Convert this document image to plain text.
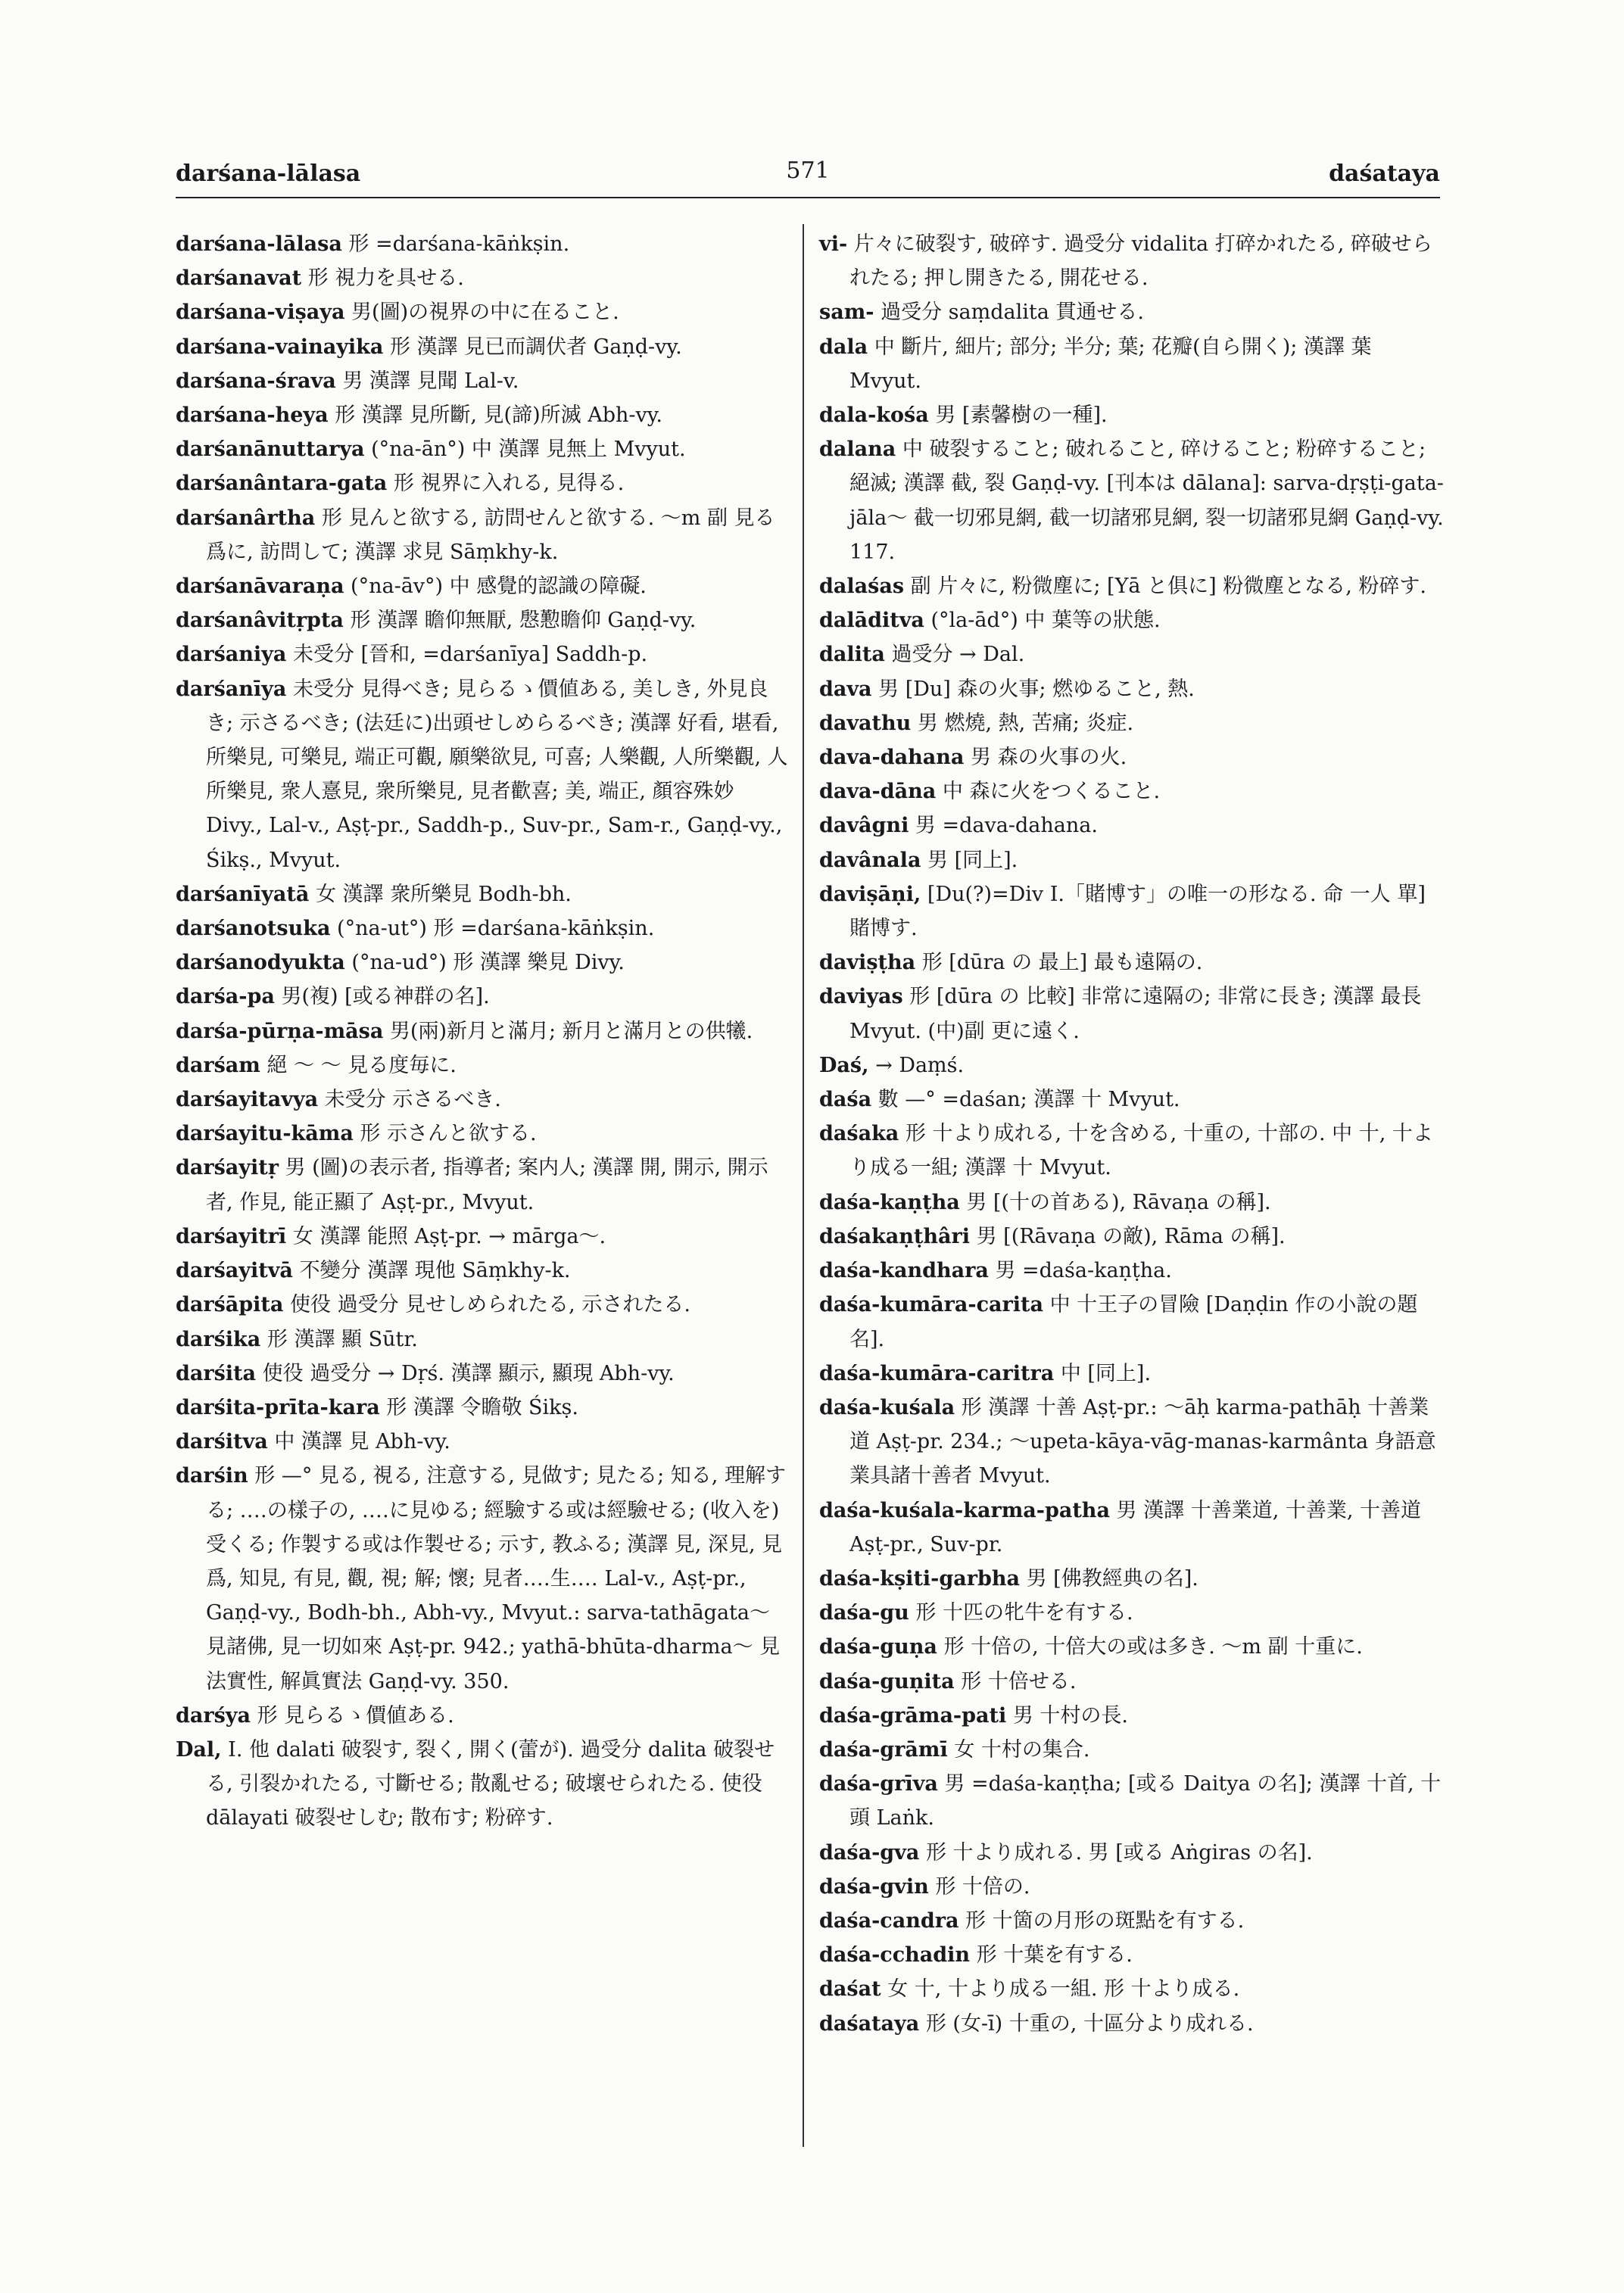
darśana-lālasa	571	daśataya
darśana-lālasa 形 =darśana-kāṅkṣin.
darśanavat 形 視力を具せる.
darśana-viṣaya 男(圖)の視界の中に在ること.
darśana-vainayika 形 漢譯 見已而調伏者 Gaṇḍ-vy.
darśana-śrava 男 漢譯 見聞 Lal-v.
darśana-heya 形 漢譯 見所斷, 見(諦)所滅 Abh-vy.
darśanānuttarya (°na-ān°) 中 漢譯 見無上 Mvyut.
darśanântara-gata 形 視界に入れる, 見得る.
darśanârtha 形 見んと欲する, 訪問せんと欲する. ～m 副 見る爲に, 訪問して; 漢譯 求見 Sāṃkhy-k.
darśanāvaraṇa (°na-āv°) 中 感覺的認識の障礙.
darśanâvitṛpta 形 漢譯 瞻仰無厭, 慇懃瞻仰 Gaṇḍ-vy.
darśaniya 未受分 [晉和, =darśanīya] Saddh-p.
darśanīya 未受分 見得べき; 見らるゝ價値ある, 美しき, 外見良き; 示さるべき; (法廷に)出頭せしめらるべき; 漢譯 好看, 堪看, 所樂見, 可樂見, 端正可觀, 願樂欲見, 可喜; 人樂觀, 人所樂觀, 人所樂見, 衆人憙見, 衆所樂見, 見者歡喜; 美, 端正, 顏容殊妙 Divy., Lal-v., Aṣṭ-pr., Saddh-p., Suv-pr., Sam-r., Gaṇḍ-vy., Śikṣ., Mvyut.
darśanīyatā 女 漢譯 衆所樂見 Bodh-bh.
darśanotsuka (°na-ut°) 形 =darśana-kāṅkṣin.
darśanodyukta (°na-ud°) 形 漢譯 樂見 Divy.
darśa-pa 男(複) [或る神群の名].
darśa-pūrṇa-māsa 男(兩)新月と滿月; 新月と滿月との供犧.
darśam 絕 ～ ～ 見る度毎に.
darśayitavya 未受分 示さるべき.
darśayitu-kāma 形 示さんと欲する.
darśayitṛ 男 (圖)の表示者, 指導者; 案内人; 漢譯 開, 開示, 開示者, 作見, 能正顯了 Aṣṭ-pr., Mvyut.
darśayitrī 女 漢譯 能照 Aṣṭ-pr. → mārga～.
darśayitvā 不變分 漢譯 現他 Sāṃkhy-k.
darśāpita 使役 過受分 見せしめられたる, 示されたる.
darśika 形 漢譯 顯 Sūtr.
darśita 使役 過受分 → Dṛś. 漢譯 顯示, 顯現 Abh-vy.
darśita-prīta-kara 形 漢譯 令瞻敬 Śikṣ.
darśitva 中 漢譯 見 Abh-vy.
darśin 形 —° 見る, 視る, 注意する, 見做す; 見たる; 知る, 理解する; ‥‥の樣子の, ‥‥に見ゆる; 經驗する或は經驗せる; (收入を)受くる; 作製する或は作製せる; 示す, 教ふる; 漢譯 見, 深見, 見爲, 知見, 有見, 觀, 視; 解; 懷; 見者‥‥生‥‥ Lal-v., Aṣṭ-pr., Gaṇḍ-vy., Bodh-bh., Abh-vy., Mvyut.: sarva-tathāgata～ 見諸佛, 見一切如來 Aṣṭ-pr. 942.; yathā-bhūta-dharma～ 見法實性, 解眞實法 Gaṇḍ-vy. 350.
darśya 形 見らるゝ價値ある.
Dal, I. 他 dalati 破裂す, 裂く, 開く(蕾が). 過受分 dalita 破裂せる, 引裂かれたる, 寸斷せる; 散亂せる; 破壞せられたる. 使役 dālayati 破裂せしむ; 散布す; 粉碎す.
vi- 片々に破裂す, 破碎す. 過受分 vidalita 打碎かれたる, 碎破せられたる; 押し開きたる, 開花せる.
sam- 過受分 saṃdalita 貫通せる.
dala 中 斷片, 細片; 部分; 半分; 葉; 花瓣(自ら開く); 漢譯 葉 Mvyut.
dala-kośa 男 [素馨樹の一種].
dalana 中 破裂すること; 破れること, 碎けること; 粉碎すること; 絕滅; 漢譯 截, 裂 Gaṇḍ-vy. [刊本は dālana]: sarva-dṛṣṭi-gata-jāla～ 截一切邪見網, 截一切諸邪見網, 裂一切諸邪見網 Gaṇḍ-vy. 117.
dalaśas 副 片々に, 粉微塵に; [Yā と俱に] 粉微塵となる, 粉碎す.
dalāditva (°la-ād°) 中 葉等の狀態.
dalita 過受分 → Dal.
dava 男 [Du] 森の火事; 燃ゆること, 熱.
davathu 男 燃燒, 熱, 苦痛; 炎症.
dava-dahana 男 森の火事の火.
dava-dāna 中 森に火をつくること.
davâgni 男 =dava-dahana.
davânala 男 [同上].
daviṣāṇi, [Du(?)=Div I.「賭博す」の唯一の形なる. 命 一人 單] 賭博す.
daviṣṭha 形 [dūra の 最上] 最も遠隔の.
daviyas 形 [dūra の 比較] 非常に遠隔の; 非常に長き; 漢譯 最長 Mvyut. (中)副 更に遠く.
Daś, → Daṃś.
daśa 數 —° =daśan; 漢譯 十 Mvyut.
daśaka 形 十より成れる, 十を含める, 十重の, 十部の. 中 十, 十より成る一組; 漢譯 十 Mvyut.
daśa-kaṇṭha 男 [(十の首ある), Rāvaṇa の稱].
daśakaṇṭhâri 男 [(Rāvaṇa の敵), Rāma の稱].
daśa-kandhara 男 =daśa-kaṇṭha.
daśa-kumāra-carita 中 十王子の冒險 [Daṇḍin 作の小說の題名].
daśa-kumāra-caritra 中 [同上].
daśa-kuśala 形 漢譯 十善 Aṣṭ-pr.: ～āḥ karma-pathāḥ 十善業道 Aṣṭ-pr. 234.; ～upeta-kāya-vāg-manas-karmânta 身語意業具諸十善者 Mvyut.
daśa-kuśala-karma-patha 男 漢譯 十善業道, 十善業, 十善道 Aṣṭ-pr., Suv-pr.
daśa-kṣiti-garbha 男 [佛教經典の名].
daśa-gu 形 十匹の牝牛を有する.
daśa-guṇa 形 十倍の, 十倍大の或は多き. ～m 副 十重に.
daśa-guṇita 形 十倍せる.
daśa-grāma-pati 男 十村の長.
daśa-grāmī 女 十村の集合.
daśa-grīva 男 =daśa-kaṇṭha; [或る Daitya の名]; 漢譯 十首, 十頭 Laṅk.
daśa-gva 形 十より成れる. 男 [或る Aṅgiras の名].
daśa-gvin 形 十倍の.
daśa-candra 形 十箇の月形の斑點を有する.
daśa-cchadin 形 十葉を有する.
daśat 女 十, 十より成る一組. 形 十より成る.
daśataya 形 (女-ī) 十重の, 十區分より成れる.
